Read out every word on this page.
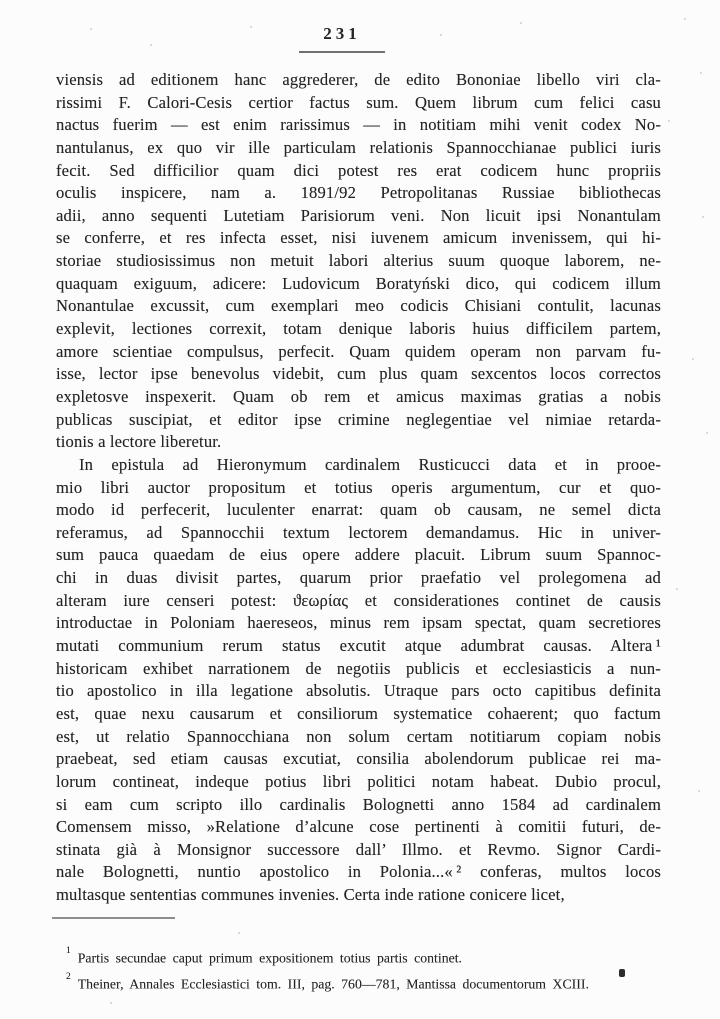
231
viensis ad editionem hanc aggrederer, de edito Bononiae libello viri cla-
rissimi F. Calori-Cesis certior factus sum. Quem librum cum felici casu
nactus fuerim — est enim rarissimus — in notitiam mihi venit codex No-
nantulanus, ex quo vir ille particulam relationis Spannocchianae publici iuris
fecit. Sed difficilior quam dici potest res erat codicem hunc propriis
oculis inspicere, nam a. 1891/92 Petropolitanas Russiae bibliothecas
adii, anno sequenti Lutetiam Parisiorum veni. Non licuit ipsi Nonantulam
se conferre, et res infecta esset, nisi iuvenem amicum invenissem, qui hi-
storiae studiosissimus non metuit labori alterius suum quoque laborem, ne-
quaquam exiguum, adicere: Ludovicum Boratyński dico, qui codicem illum
Nonantulae excussit, cum exemplari meo codicis Chisiani contulit, lacunas
explevit, lectiones correxit, totam denique laboris huius difficilem partem,
amore scientiae compulsus, perfecit. Quam quidem operam non parvam fu-
isse, lector ipse benevolus videbit, cum plus quam sexcentos locos correctos
expletosve inspexerit. Quam ob rem et amicus maximas gratias a nobis
publicas suscipiat, et editor ipse crimine neglegentiae vel nimiae retarda-
tionis a lectore liberetur.
In epistula ad Hieronymum cardinalem Rusticucci data et in prooe-
mio libri auctor propositum et totius operis argumentum, cur et quo-
modo id perfecerit, luculenter enarrat: quam ob causam, ne semel dicta
referamus, ad Spannocchii textum lectorem demandamus. Hic in univer-
sum pauca quaedam de eius opere addere placuit. Librum suum Spannoc-
chi in duas divisit partes, quarum prior praefatio vel prolegomena ad
alteram iure censeri potest: ϑεωρίας et considerationes continet de causis
introductae in Poloniam haereseos, minus rem ipsam spectat, quam secretiores
mutati communium rerum status excutit atque adumbrat causas. Altera ¹
historicam exhibet narrationem de negotiis publicis et ecclesiasticis a nun-
tio apostolico in illa legatione absolutis. Utraque pars octo capitibus definita
est, quae nexu causarum et consiliorum systematice cohaerent; quo factum
est, ut relatio Spannocchiana non solum certam notitiarum copiam nobis
praebeat, sed etiam causas excutiat, consilia abolendorum publicae rei ma-
lorum contineat, indeque potius libri politici notam habeat. Dubio procul,
si eam cum scripto illo cardinalis Bolognetti anno 1584 ad cardinalem
Comensem misso, »Relatione d’alcune cose pertinenti à comitii futuri, de-
stinata già à Monsignor successore dall’ Illmo. et Revmo. Signor Cardi-
nale Bolognetti, nuntio apostolico in Polonia...« ² conferas, multos locos
multasque sententias communes invenies. Certa inde ratione conicere licet,
$^1$ Partis secundae caput primum expositionem totius partis continet.
$^2$ Theiner, Annales Ecclesiastici tom. III, pag. 760—781, Mantissa documentorum XCIII.
